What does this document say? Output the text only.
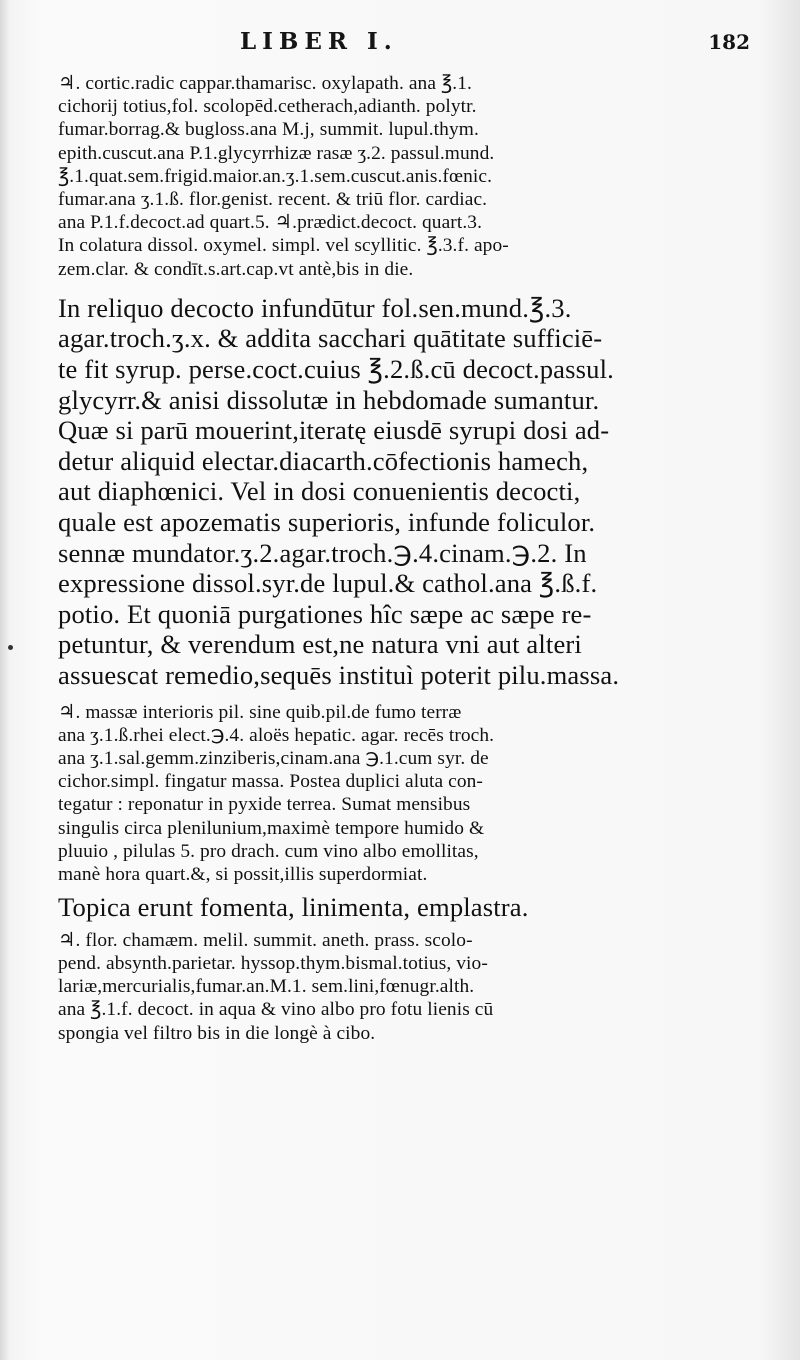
LIBER I.	182
♃. cortic.radic cappar.thamarisc. oxylapath. ana ℥.1.
cichorij totius,fol. scolopēd.cetherach,adianth. polytr.
fumar.borrag.& bugloss.ana M.j, summit. lupul.thym.
epith.cuscut.ana P.1.glycyrrhizæ rasæ ʒ.2. passul.mund.
℥.1.quat.sem.frigid.maior.an.ʒ.1.sem.cuscut.anis.fœnic.
fumar.ana ʒ.1.ß. flor.genist. recent. & triū flor. cardiac.
ana P.1.f.decoct.ad quart.5. ♃.prædict.decoct. quart.3.
In colatura dissol. oxymel. simpl. vel scyllitic. ℥.3.f. apo-
zem.clar. & condīt.s.art.cap.vt antè,bis in die.
In reliquo decocto infundūtur fol.sen.mund.℥.3.
agar.troch.ʒ.x. & addita sacchari quātitate sufficiē-
te fit syrup. perse.coct.cuius ℥.2.ß.cū decoct.passul.
glycyrr.& anisi dissolutæ in hebdomade sumantur.
Quæ si parū mouerint,iteratę eiusdē syrupi dosi ad-
detur aliquid electar.diacarth.cōfectionis hamech,
aut diaphœnici. Vel in dosi conuenientis decocti,
quale est apozematis superioris, infunde foliculor.
sennæ mundator.ʒ.2.agar.troch.℈.4.cinam.℈.2. In
expressione dissol.syr.de lupul.& cathol.ana ℥.ß.f.
potio. Et quoniā purgationes hîc sæpe ac sæpe re-
petuntur, & verendum est,ne natura vni aut alteri
assuescat remedio,sequēs instituì poterit pilu.massa.
♃. massæ interioris pil. sine quib.pil.de fumo terræ
ana ʒ.1.ß.rhei elect.℈.4. aloës hepatic. agar. recēs troch.
ana ʒ.1.sal.gemm.zinziberis,cinam.ana ℈.1.cum syr. de
cichor.simpl. fingatur massa. Postea duplici aluta con-
tegatur : reponatur in pyxide terrea. Sumat mensibus
singulis circa plenilunium,maximè tempore humido &
pluuio , pilulas 5. pro drach. cum vino albo emollitas,
manè hora quart.&, si possit,illis superdormiat.
Topica erunt fomenta, linimenta, emplastra.
♃. flor. chamæm. melil. summit. aneth. prass. scolo-
pend. absynth.parietar. hyssop.thym.bismal.totius, vio-
lariæ,mercurialis,fumar.an.M.1. sem.lini,fœnugr.alth.
ana ℥.1.f. decoct. in aqua & vino albo pro fotu lienis cū
spongia vel filtro bis in die longè à cibo.
